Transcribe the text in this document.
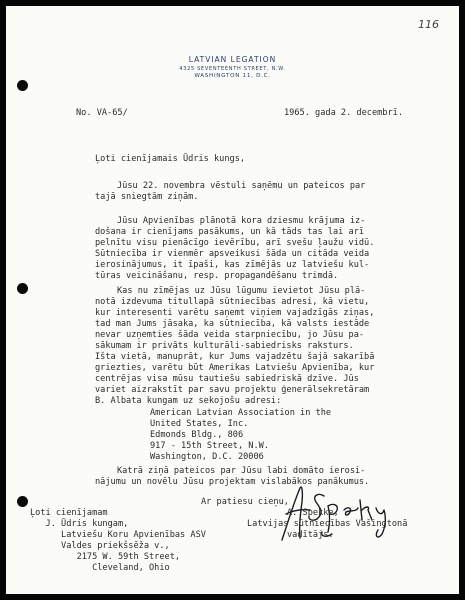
116
LATVIAN LEGATION
4325 SEVENTEENTH STREET, N.W.
WASHINGTON 11, D.C.
No. VA-65/	1965. gada 2. decembrī.
Ļoti cienījamais Ūdris kungs,
Jūsu 22. novembra vēstuli saņēmu un pateicos par
tajā sniegtām ziņām.
Jūsu Apvienības plānotā kora dziesmu krājuma iz-
došana ir cienījams pasākums, un kā tāds tas lai arī
pelnītu visu pienācīgo ievērību, arī svešu ļaužu vidū.
Sūtniecība ir vienmēr apsveikusi šāda un citāda veida
ierosinājumus, it īpaši, kas zīmējās uz latviešu kul-
tūras veicināšanu, resp. propagandēšanu trimdā.
Kas nu zīmējas uz Jūsu lūgumu ievietot Jūsu plā-
notā izdevuma titullapā sūtniecības adresi, kā vietu,
kur interesenti varētu saņemt viņiem vajadzīgās ziņas,
tad man Jums jāsaka, ka sūtniecība, kā valsts iestāde
nevar uzņemties šāda veida starpniecību, jo Jūsu pa-
sākumam ir privāts kulturāli-sabiedrisks raksturs.
Išta vietā, manuprāt, kur Jums vajadzētu šajā sakarībā
griezties, varētu būt Amerikas Latviešu Apvienība, kur
centrējas visa mūsu tautiešu sabiedriskā dzīve. Jūs
variet aizrakstīt par savu projektu ģenerālsekretāram
B. Albata kungam uz sekojošu adresi:
American Latvian Association in the
United States, Inc.
Edmonds Bldg., 806
917 - 15th Street, N.W.
Washington, D.C. 20006
Katrā ziņā pateicos par Jūsu labi domāto ierosi-
nājumu un novēlu Jūsu projektam vislabākos panākumus.
Ar patiesu cieņu,
A. Spekke,
Latvijas sūtniecības Vašingtonā
vadītājs.
Ļoti cienījamam
J. Ūdris kungam,
Latviešu Koru Apvienības ASV
Valdes priekšsēža v.,
2175 W. 59th Street,
Cleveland, Ohio
